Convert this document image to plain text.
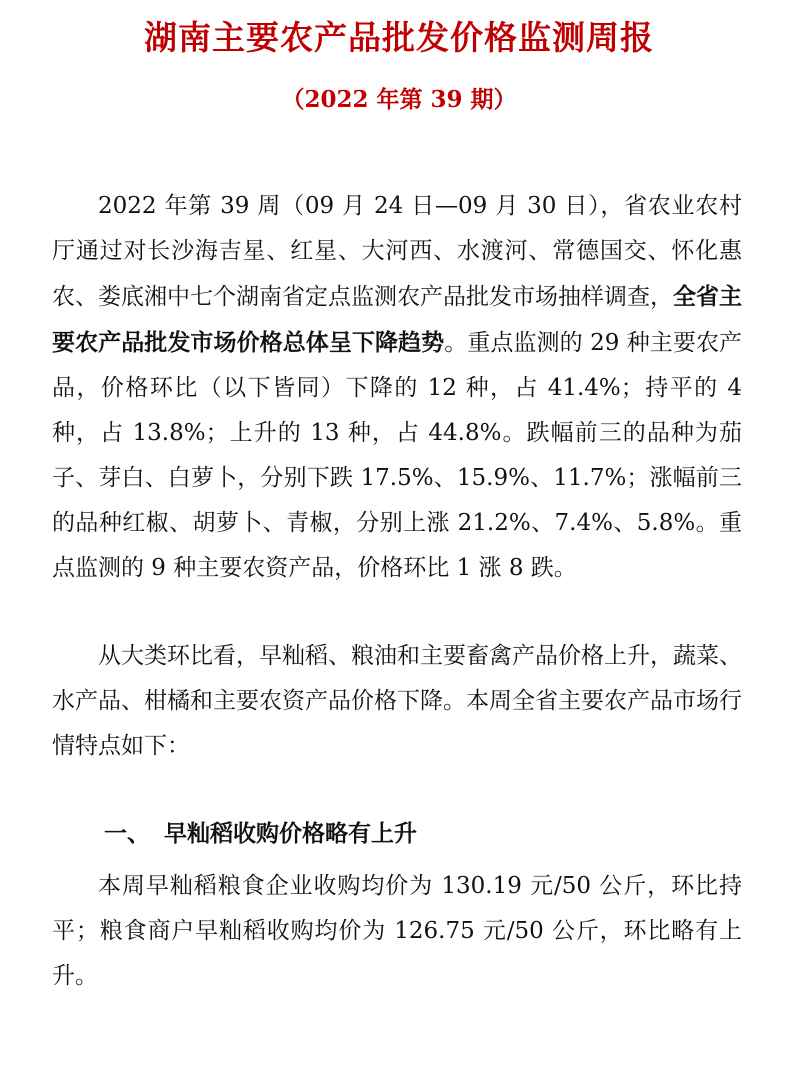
湖南主要农产品批发价格监测周报
（2022 年第 39 期）

2022 年第 39 周（09 月 24 日—09 月 30 日），省农业农村厅通过对长沙海吉星、红星、大河西、水渡河、常德国交、怀化惠农、娄底湘中七个湖南省定点监测农产品批发市场抽样调查，全省主要农产品批发市场价格总体呈下降趋势。重点监测的 29 种主要农产品，价格环比（以下皆同）下降的 12 种，占 41.4%；持平的 4 种，占 13.8%；上升的 13 种，占 44.8%。跌幅前三的品种为茄子、芽白、白萝卜，分别下跌 17.5%、15.9%、11.7%；涨幅前三的品种红椒、胡萝卜、青椒，分别上涨 21.2%、7.4%、5.8%。重点监测的 9 种主要农资产品，价格环比 1 涨 8 跌。

从大类环比看，早籼稻、粮油和主要畜禽产品价格上升，蔬菜、水产品、柑橘和主要农资产品价格下降。本周全省主要农产品市场行情特点如下：

一、 早籼稻收购价格略有上升

本周早籼稻粮食企业收购均价为 130.19 元/50 公斤，环比持平；粮食商户早籼稻收购均价为 126.75 元/50 公斤，环比略有上升。
